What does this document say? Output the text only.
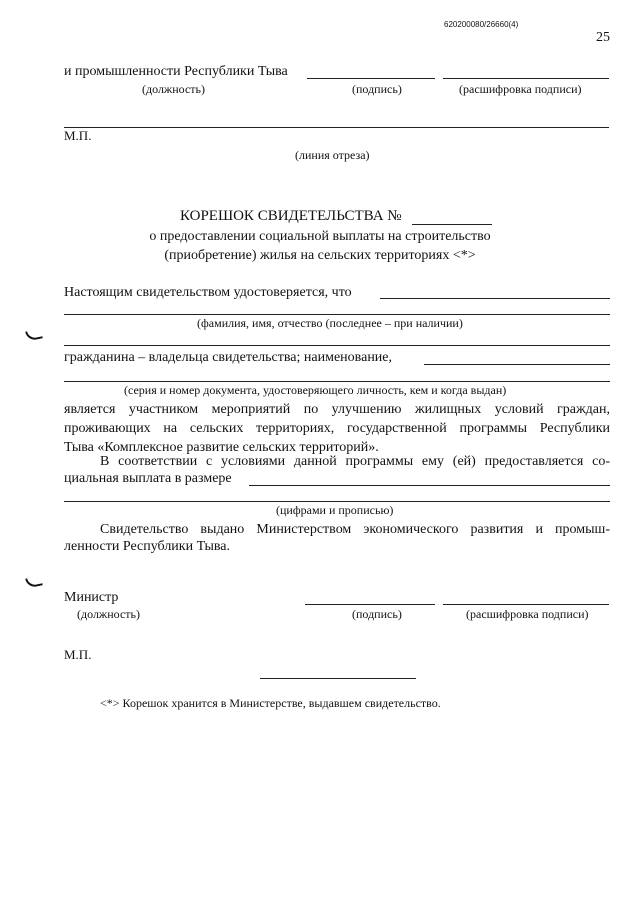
620200080/26660(4)
25
и промышленности Республики Тыва
(должность)	(подпись)	(расшифровка подписи)
М.П.
(линия отреза)
КОРЕШОК СВИДЕТЕЛЬСТВА №
о предоставлении социальной выплаты на строительство
(приобретение) жилья на сельских территориях <*>
Настоящим свидетельством удостоверяется, что
(фамилия, имя, отчество (последнее – при наличии)
гражданина – владельца свидетельства; наименование,
(серия и номер документа, удостоверяющего личность, кем и когда выдан)
является участником мероприятий по улучшению жилищных условий граждан,
проживающих на сельских территориях, государственной программы Республики
Тыва «Комплексное развитие сельских территорий».
В соответствии с условиями данной программы ему (ей) предоставляется со-
циальная выплата в размере
(цифрами и прописью)
Свидетельство выдано Министерством экономического развития и промыш-
ленности Республики Тыва.
Министр
(должность)	(подпись)	(расшифровка подписи)
М.П.
<*> Корешок хранится в Министерстве, выдавшем свидетельство.
